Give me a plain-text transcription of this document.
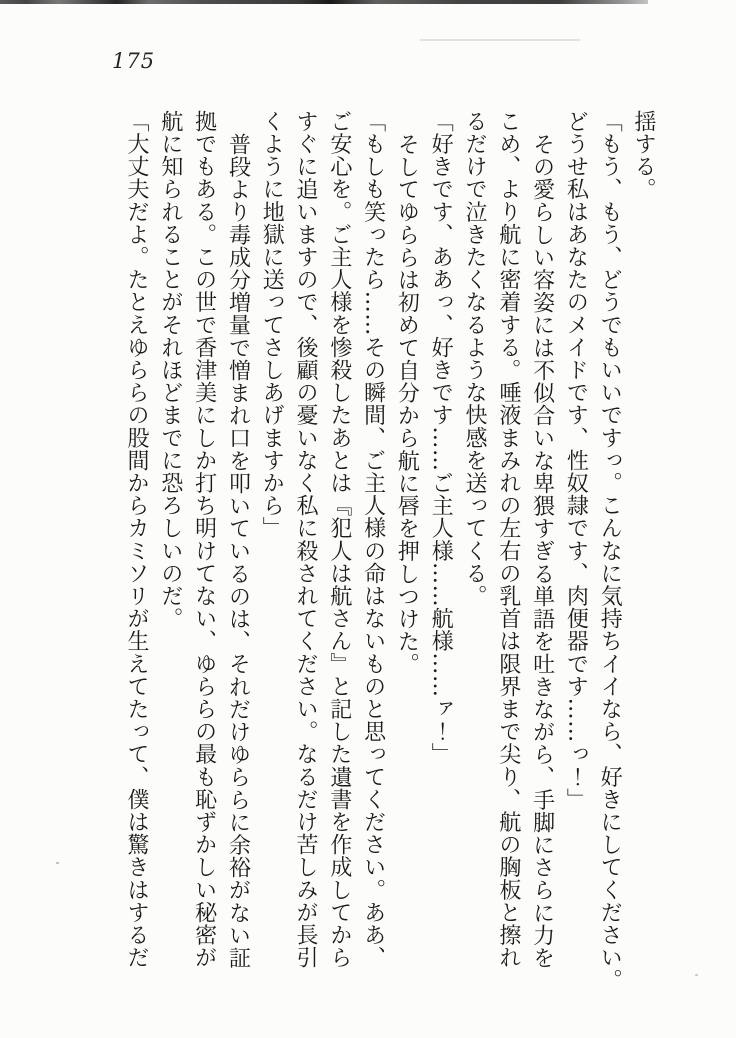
175
揺する。
「もう、もう、どうでもいいですっ。こんなに気持ちイイなら、好きにしてください。
どうせ私はあなたのメイドです、性奴隷です、肉便器です……っ！」
その愛らしい容姿には不似合いな卑猥すぎる単語を吐きながら、手脚にさらに力を
こめ、より航に密着する。唾液まみれの左右の乳首は限界まで尖り、航の胸板と擦れ
るだけで泣きたくなるような快感を送ってくる。
「好きです、ああっ、好きです……ご主人様……航様……ァ！」
そしてゆららは初めて自分から航に唇を押しつけた。
「もしも笑ったら……その瞬間、ご主人様の命はないものと思ってください。ああ、
ご安心を。ご主人様を惨殺したあとは『犯人は航さん』と記した遺書を作成してから
すぐに追いますので、後顧の憂いなく私に殺されてください。なるだけ苦しみが長引
くように地獄に送ってさしあげますから」
普段より毒成分増量で憎まれ口を叩いているのは、それだけゆららに余裕がない証
拠でもある。この世で香津美にしか打ち明けてない、ゆららの最も恥ずかしい秘密が
航に知られることがそれほどまでに恐ろしいのだ。
「大丈夫だよ。たとえゆららの股間からカミソリが生えてたって、僕は驚きはするだ
